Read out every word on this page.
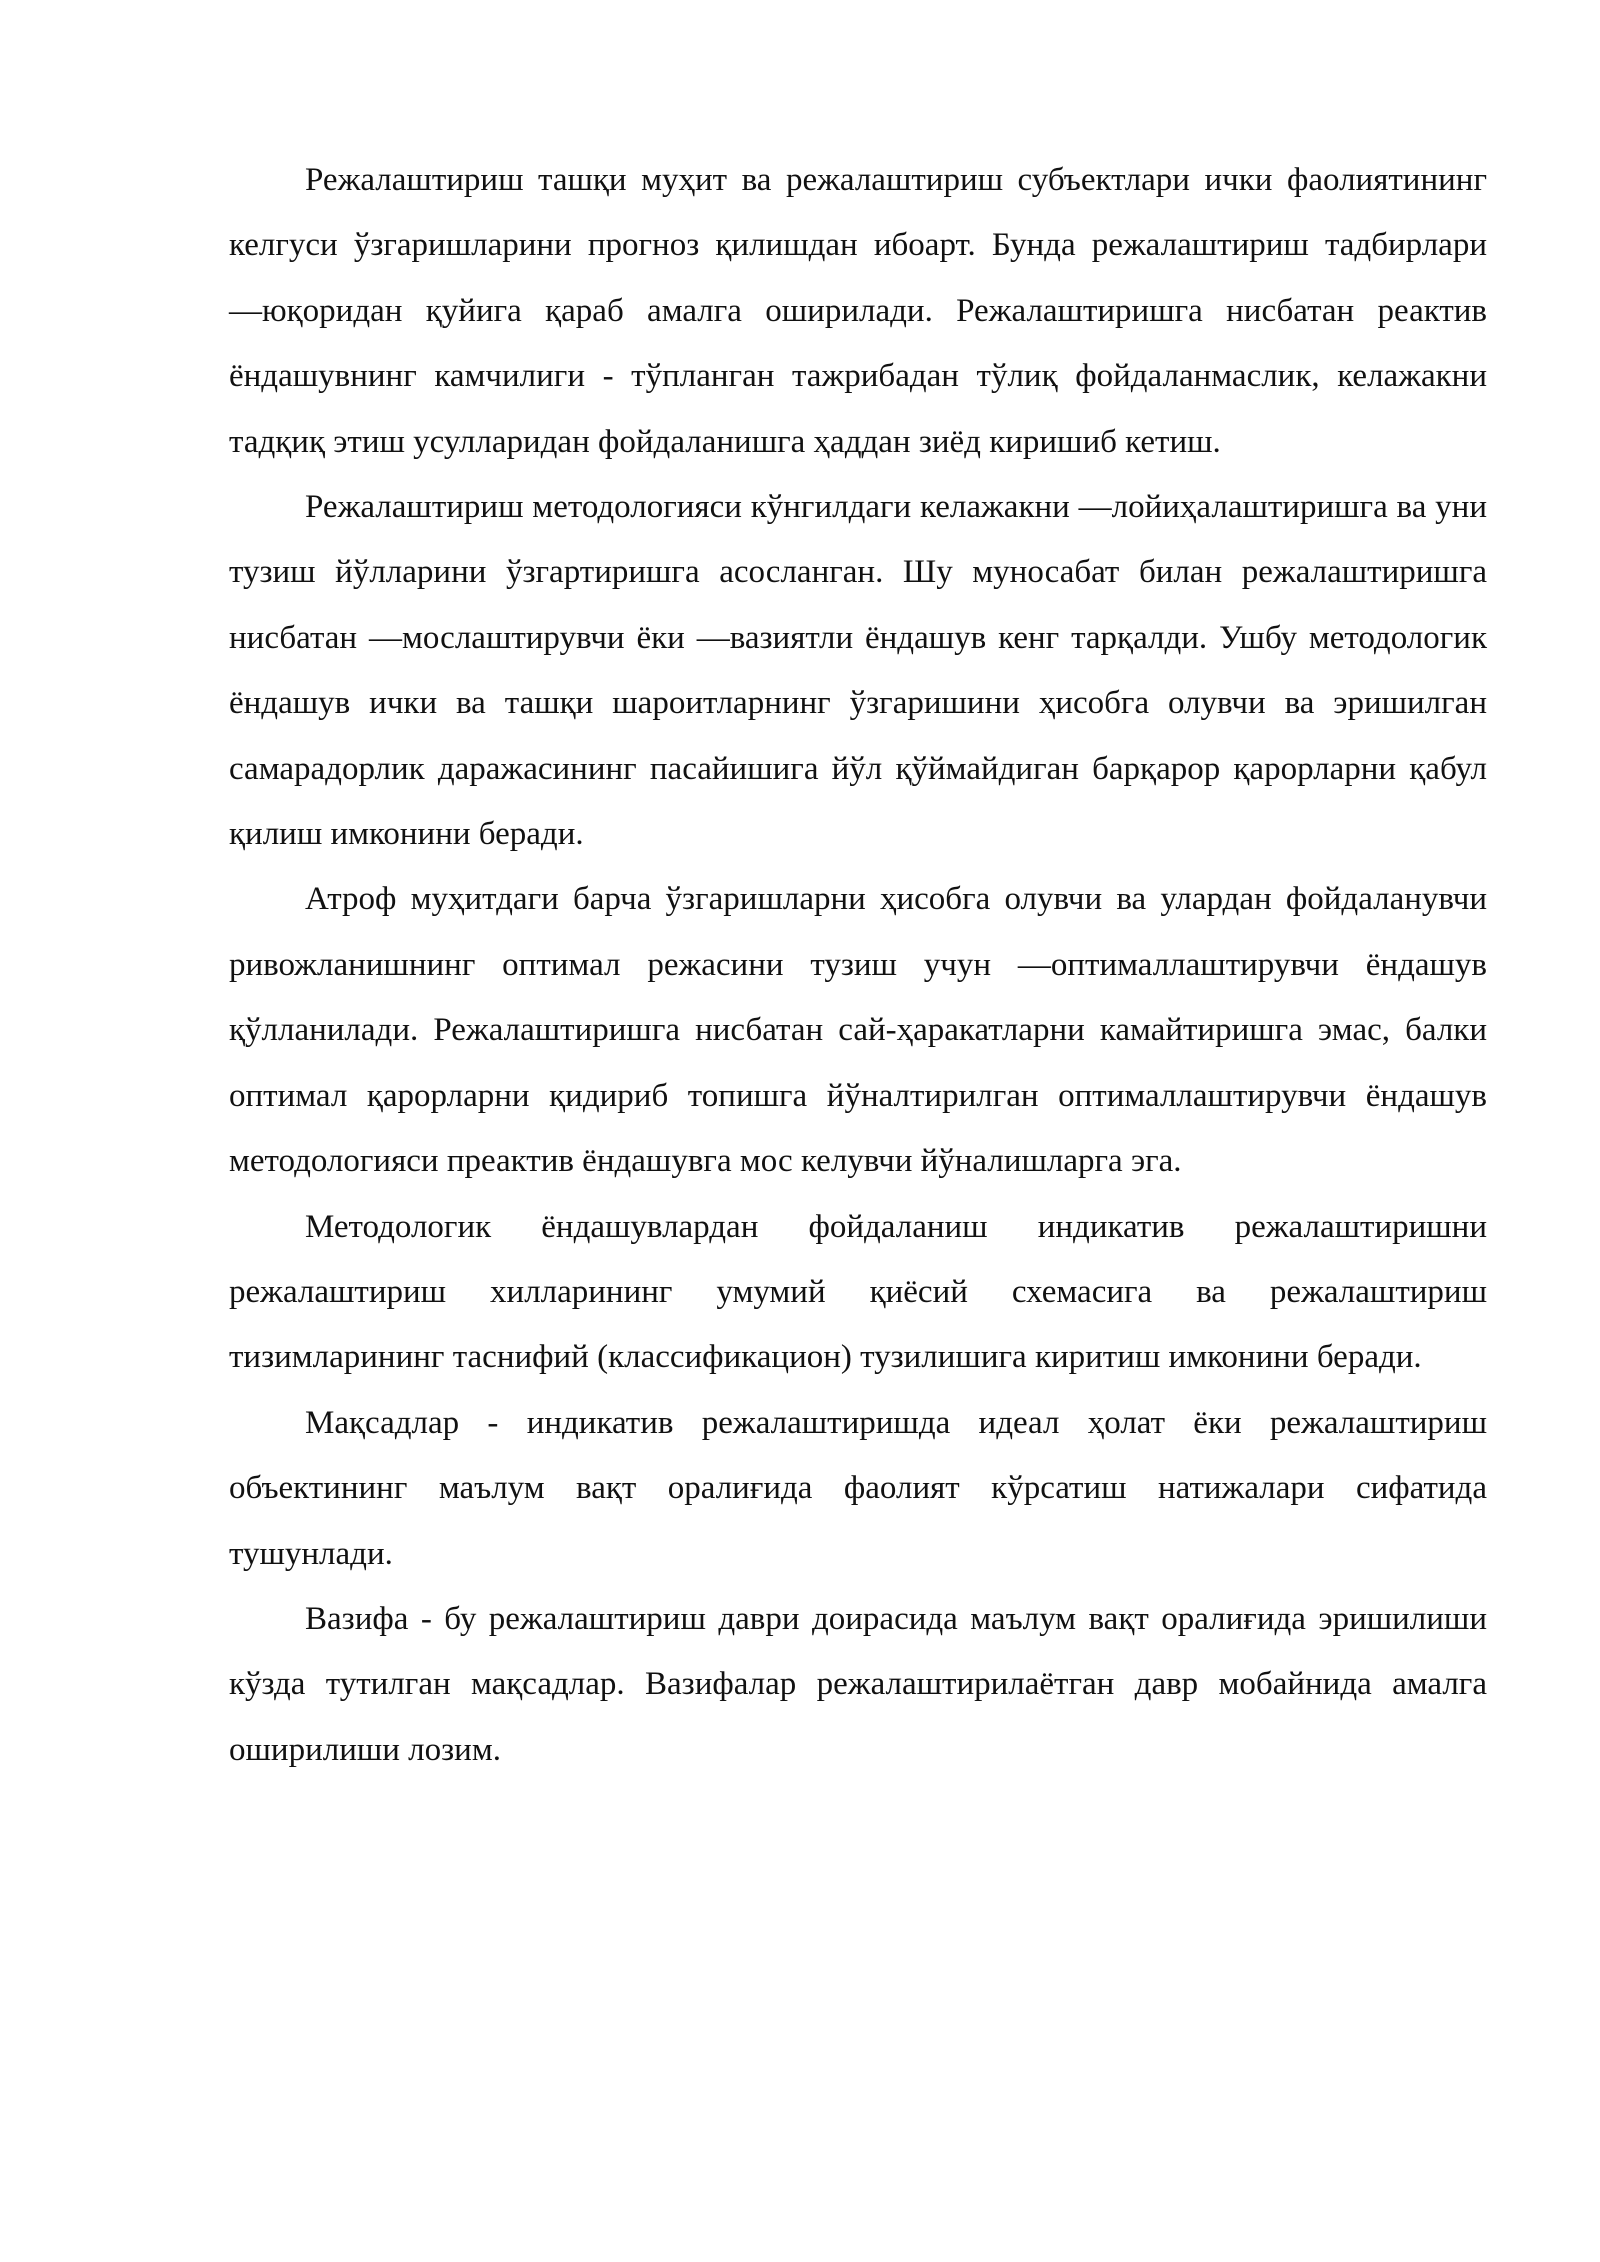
Режалаштириш ташқи муҳит ва режалаштириш субъектлари ички фаолиятининг келгуси ўзгаришларини прогноз қилишдан ибоарт. Бунда режалаштириш тадбирлари ―юқоридан қуйига қараб амалга оширилади. Режалаштиришга нисбатан реактив ёндашувнинг камчилиги - тўпланган тажрибадан тўлиқ фойдаланмаслик, келажакни тадқиқ этиш усулларидан фойдаланишга ҳаддан зиёд киришиб кетиш.

Режалаштириш методологияси кўнгилдаги келажакни ―лойиҳалаштиришга ва уни тузиш йўлларини ўзгартиришга асосланган. Шу муносабат билан режалаштиришга нисбатан ―мослаштирувчи ёки ―вазиятли ёндашув кенг тарқалди. Ушбу методологик ёндашув ички ва ташқи шароитларнинг ўзгаришини ҳисобга олувчи ва эришилган самарадорлик даражасининг пасайишига йўл қўймайдиган барқарор қарорларни қабул қилиш имконини беради.

Атроф муҳитдаги барча ўзгаришларни ҳисобга олувчи ва улардан фойдаланувчи ривожланишнинг оптимал режасини тузиш учун ―оптималлаштирувчи ёндашув қўлланилади. Режалаштиришга нисбатан сай-ҳаракатларни камайтиришга эмас, балки оптимал қарорларни қидириб топишга йўналтирилган оптималлаштирувчи ёндашув методологияси преактив ёндашувга мос келувчи йўналишларга эга.

Методологик ёндашувлардан фойдаланиш индикатив режалаштиришни режалаштириш хилларининг умумий қиёсий схемасига ва режалаштириш тизимларининг таснифий (классификацион) тузилишига киритиш имконини беради.

Мақсадлар - индикатив режалаштиришда идеал ҳолат ёки режалаштириш объектининг маълум вақт оралиғида фаолият кўрсатиш натижалари сифатида тушунлади.

Вазифа - бу режалаштириш даври доирасида маълум вақт оралиғида эришилиши кўзда тутилган мақсадлар. Вазифалар режалаштирилаётган давр мобайнида амалга оширилиши лозим.
